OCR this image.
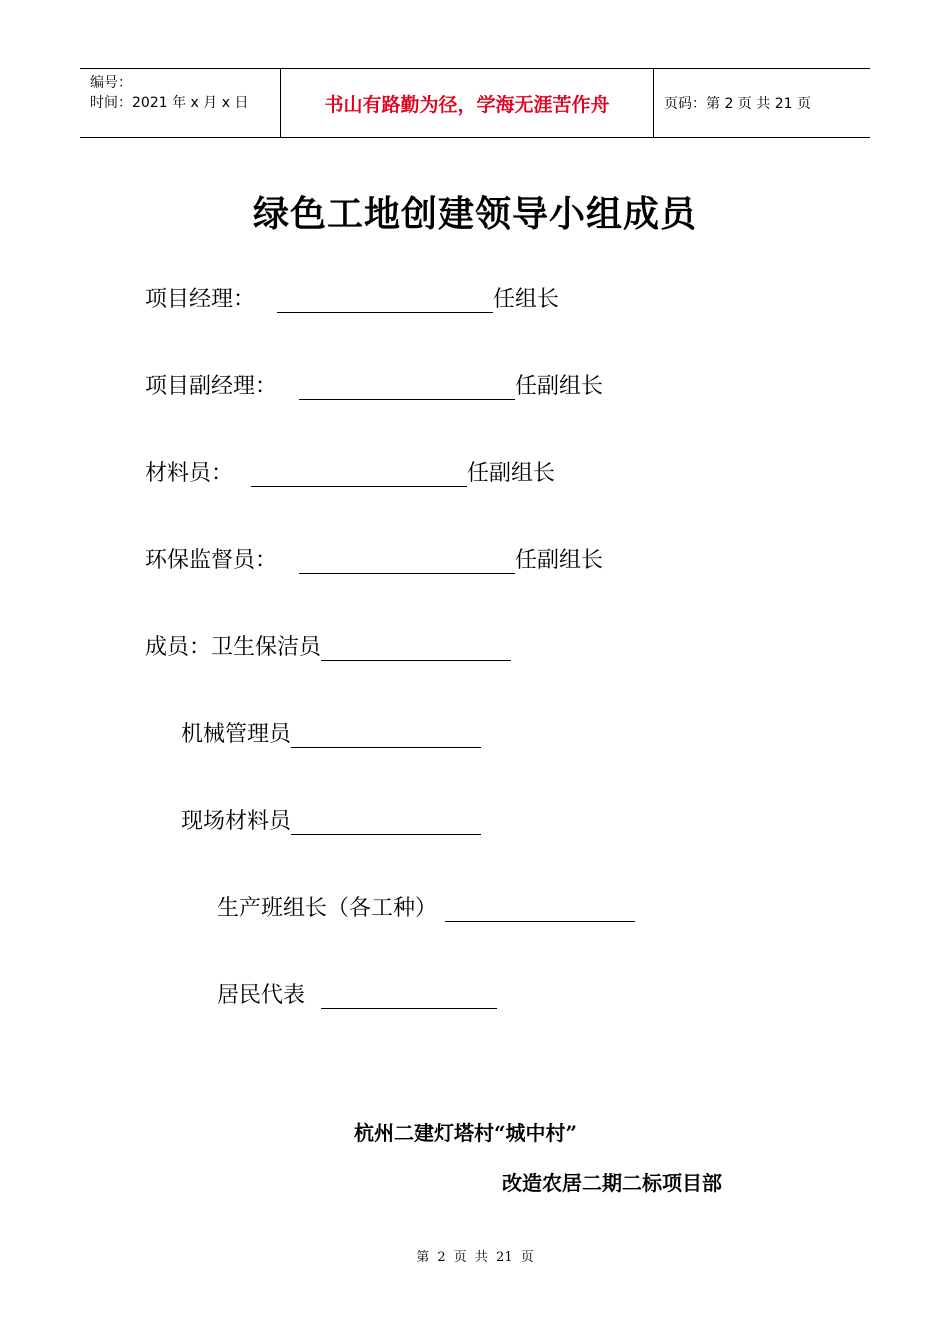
编号：
时间：2021 年 x 月 x 日	书山有路勤为径，学海无涯苦作舟	页码：第 2 页 共 21 页
绿色工地创建领导小组成员
项目经理：	任组长
项目副经理：	任副组长
材料员：	任副组长
环保监督员：	任副组长
成员：卫生保洁员
机械管理员
现场材料员
生产班组长（各工种）
居民代表
杭州二建灯塔村“城中村”
改造农居二期二标项目部
第 2 页 共 21 页
